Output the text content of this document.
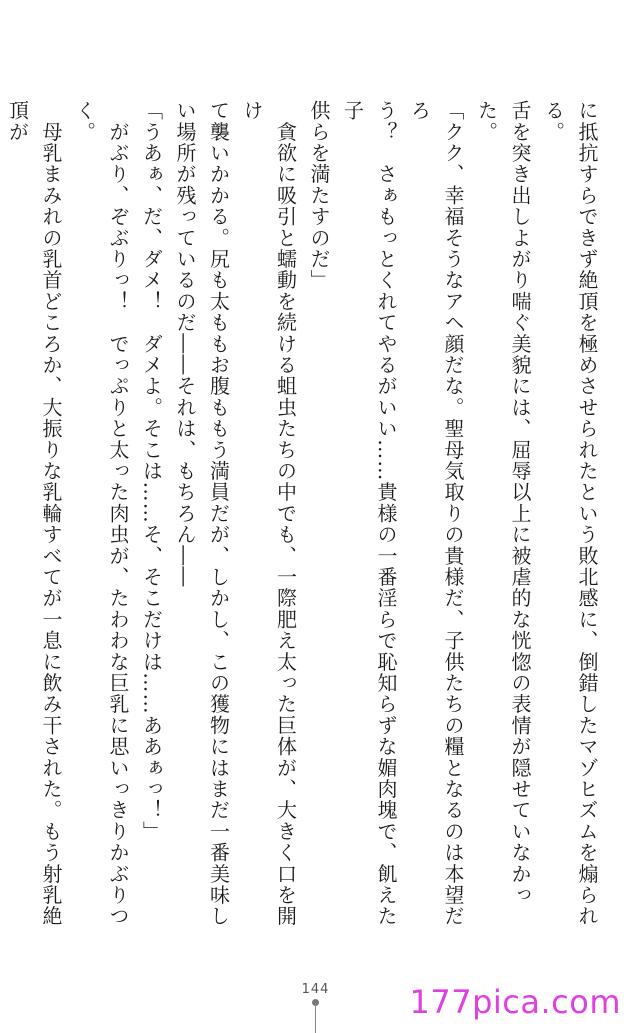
に抵抗すらできず絶頂を極めさせられたという敗北感に、倒錯したマゾヒズムを煽られる。

舌を突き出しよがり喘ぐ美貌には、屈辱以上に被虐的な恍惚の表情が隠せていなかった。

「クク、幸福そうなアヘ顔だな。聖母気取りの貴様だ、子供たちの糧となるのは本望だろ

う？　さぁもっとくれてやるがいい……貴様の一番淫らで恥知らずな媚肉塊で、飢えた子

供らを満たすのだ」

　貪欲に吸引と蠕動を続ける蛆虫たちの中でも、一際肥え太った巨体が、大きく口を開け

て襲いかかる。尻も太ももお腹ももう満員だが、しかし、この獲物にはまだ一番美味し

い場所が残っているのだ――それは、もちろん――

「うあぁ、だ、ダメ！　ダメよ。そこは……そ、そこだけは……ああぁっ！」

　がぶり、ぞぶりっ！　でっぷりと太った肉虫が、たわわな巨乳に思いっきりかぶりつく。

　母乳まみれの乳首どころか、大振りな乳輪すべてが一息に飲み干された。もう射乳絶頂が

144	177pica.com
